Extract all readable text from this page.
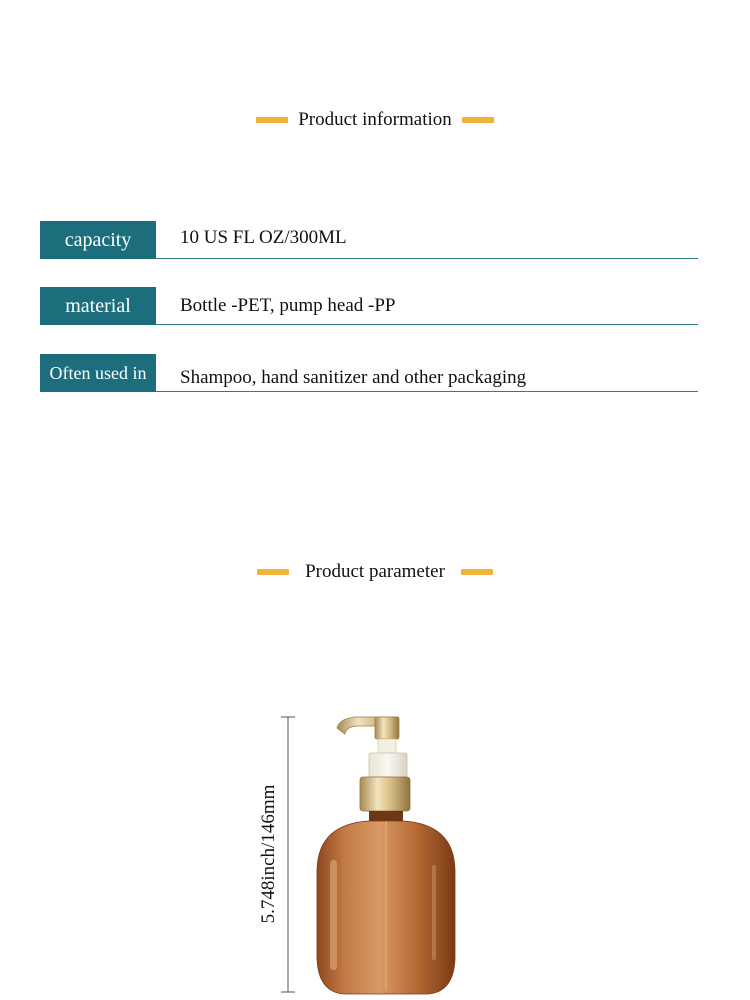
Product information
capacity	10 US FL OZ/300ML
material	Bottle -PET, pump head -PP
Often used in	Shampoo, hand sanitizer and other packaging
Product parameter
5.748inch/146mm
